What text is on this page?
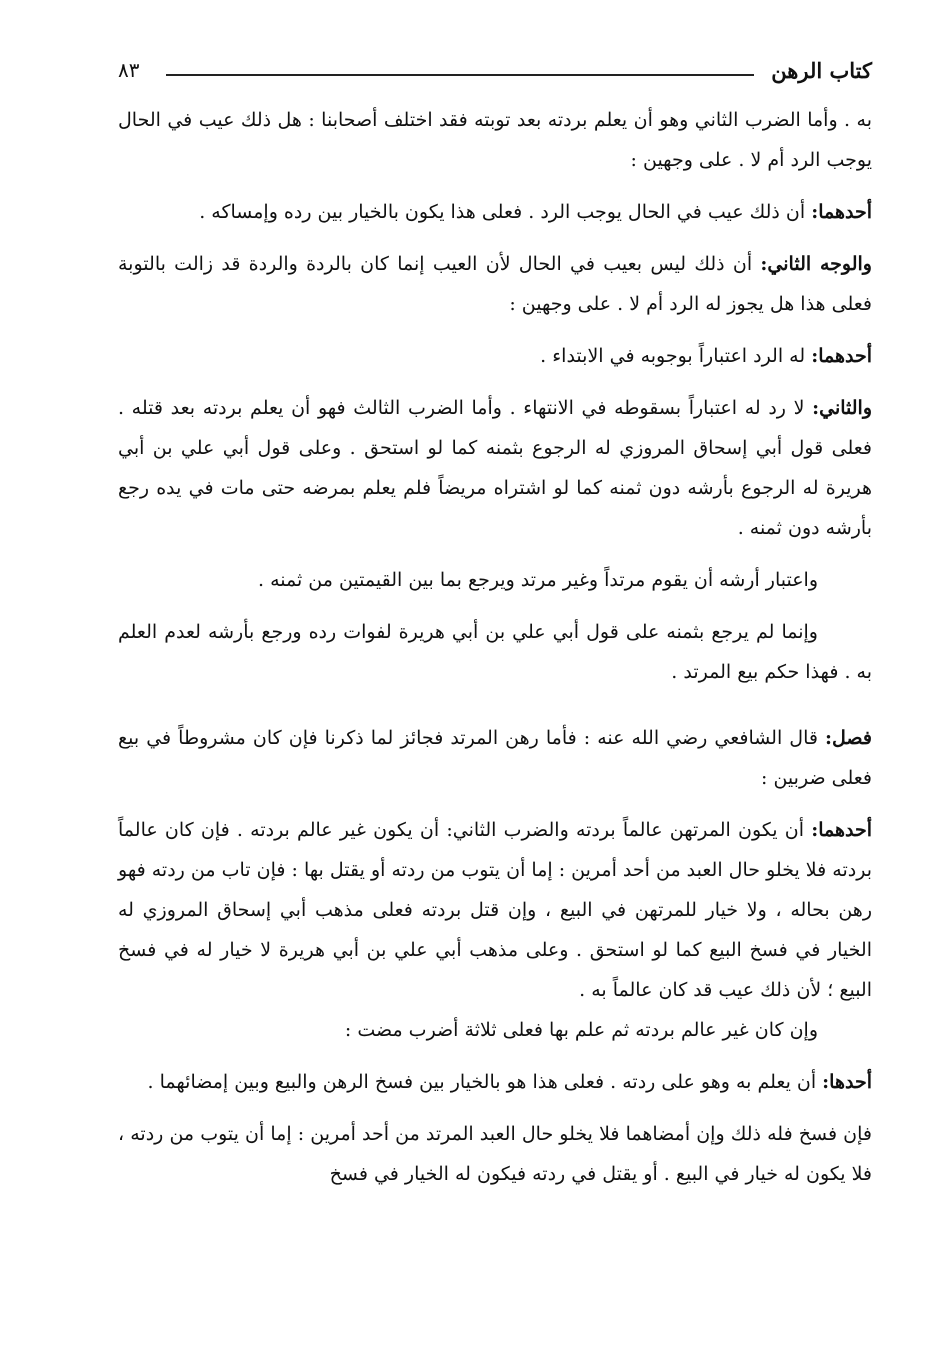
كتاب الرهن
٨٣

به . وأما الضرب الثاني وهو أن يعلم بردته بعد توبته فقد اختلف أصحابنا : هل ذلك عيب في الحال يوجب الرد أم لا . على وجهين :

أحدهما: أن ذلك عيب في الحال يوجب الرد . فعلى هذا يكون بالخيار بين رده وإمساكه .

والوجه الثاني: أن ذلك ليس بعيب في الحال لأن العيب إنما كان بالردة والردة قد زالت بالتوبة فعلى هذا هل يجوز له الرد أم لا . على وجهين :

أحدهما: له الرد اعتباراً بوجوبه في الابتداء .

والثاني: لا رد له اعتباراً بسقوطه في الانتهاء . وأما الضرب الثالث فهو أن يعلم بردته بعد قتله . فعلى قول أبي إسحاق المروزي له الرجوع بثمنه كما لو استحق . وعلى قول أبي علي بن أبي هريرة له الرجوع بأرشه دون ثمنه كما لو اشتراه مريضاً فلم يعلم بمرضه حتى مات في يده رجع بأرشه دون ثمنه .

واعتبار أرشه أن يقوم مرتداً وغير مرتد ويرجع بما بين القيمتين من ثمنه .

وإنما لم يرجع بثمنه على قول أبي علي بن أبي هريرة لفوات رده ورجع بأرشه لعدم العلم به . فهذا حكم بيع المرتد .

فصل: قال الشافعي رضي الله عنه : فأما رهن المرتد فجائز لما ذكرنا فإن كان مشروطاً في بيع فعلى ضربين :

أحدهما: أن يكون المرتهن عالماً بردته والضرب الثاني: أن يكون غير عالم بردته . فإن كان عالماً بردته فلا يخلو حال العبد من أحد أمرين : إما أن يتوب من ردته أو يقتل بها : فإن تاب من ردته فهو رهن بحاله ، ولا خيار للمرتهن في البيع ، وإن قتل بردته فعلى مذهب أبي إسحاق المروزي له الخيار في فسخ البيع كما لو استحق . وعلى مذهب أبي علي بن أبي هريرة لا خيار له في فسخ البيع ؛ لأن ذلك عيب قد كان عالماً به .

وإن كان غير عالم بردته ثم علم بها فعلى ثلاثة أضرب مضت :

أحدها: أن يعلم به وهو على ردته . فعلى هذا هو بالخيار بين فسخ الرهن والبيع وبين إمضائهما .

فإن فسخ فله ذلك وإن أمضاهما فلا يخلو حال العبد المرتد من أحد أمرين : إما أن يتوب من ردته ، فلا يكون له خيار في البيع . أو يقتل في ردته فيكون له الخيار في فسخ
